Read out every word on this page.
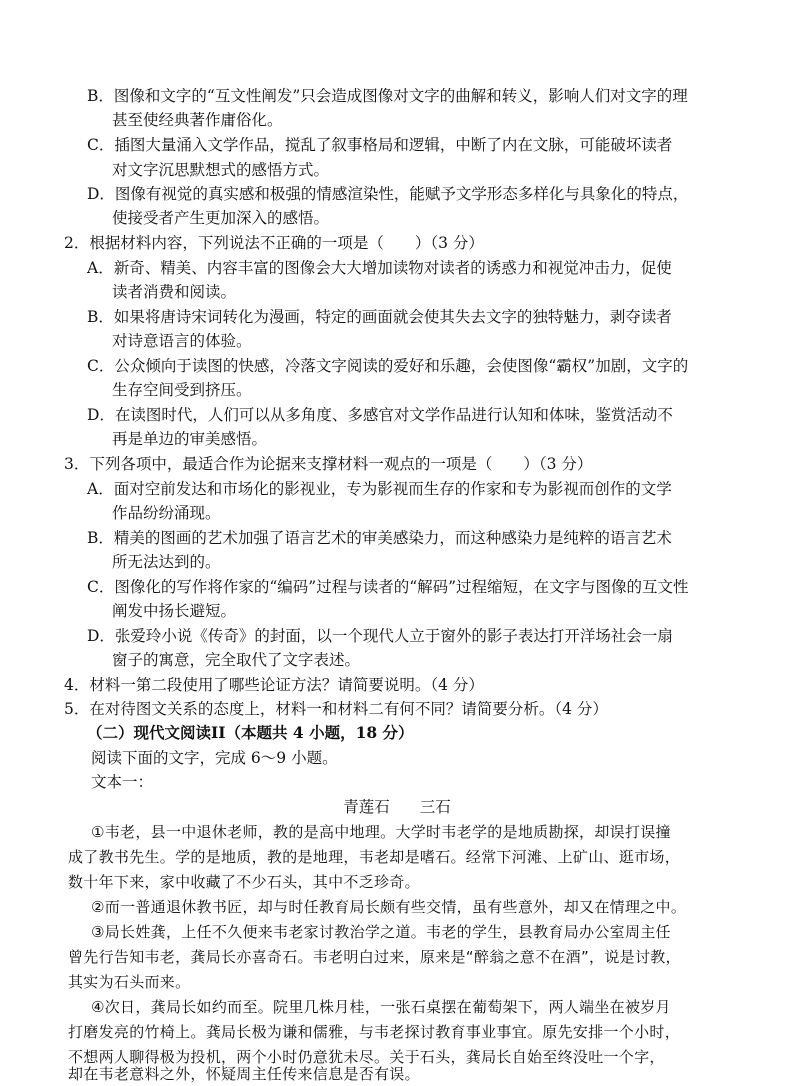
B．图像和文字的“互文性阐发”只会造成图像对文字的曲解和转义，影响人们对文字的理
甚至使经典著作庸俗化。
C．插图大量涌入文学作品，搅乱了叙事格局和逻辑，中断了内在文脉，可能破坏读者
对文字沉思默想式的感悟方式。
D．图像有视觉的真实感和极强的情感渲染性，能赋予文学形态多样化与具象化的特点，
使接受者产生更加深入的感悟。
2．根据材料内容，下列说法不正确的一项是（　　）（3 分）
A．新奇、精美、内容丰富的图像会大大增加读物对读者的诱惑力和视觉冲击力，促使
读者消费和阅读。
B．如果将唐诗宋词转化为漫画，特定的画面就会使其失去文字的独特魅力，剥夺读者
对诗意语言的体验。
C．公众倾向于读图的快感，冷落文字阅读的爱好和乐趣，会使图像“霸权”加剧，文字的
生存空间受到挤压。
D．在读图时代，人们可以从多角度、多感官对文学作品进行认知和体味，鉴赏活动不
再是单边的审美感悟。
3．下列各项中，最适合作为论据来支撑材料一观点的一项是（　　）（3 分）
A．面对空前发达和市场化的影视业，专为影视而生存的作家和专为影视而创作的文学
作品纷纷涌现。
B．精美的图画的艺术加强了语言艺术的审美感染力，而这种感染力是纯粹的语言艺术
所无法达到的。
C．图像化的写作将作家的“编码”过程与读者的“解码”过程缩短，在文字与图像的互文性
阐发中扬长避短。
D．张爱玲小说《传奇》的封面，以一个现代人立于窗外的影子表达打开洋场社会一扇
窗子的寓意，完全取代了文字表述。
4．材料一第二段使用了哪些论证方法？请简要说明。（4 分）
5．在对待图文关系的态度上，材料一和材料二有何不同？请简要分析。（4 分）
（二）现代文阅读II（本题共 4 小题，18 分）
阅读下面的文字，完成 6～9 小题。
文本一：
青莲石 三石
①韦老，县一中退休老师，教的是高中地理。大学时韦老学的是地质勘探，却误打误撞
成了教书先生。学的是地质，教的是地理，韦老却是嗜石。经常下河滩、上矿山、逛市场，
数十年下来，家中收藏了不少石头，其中不乏珍奇。
②而一普通退休教书匠，却与时任教育局长颇有些交情，虽有些意外，却又在情理之中。
③局长姓龚，上任不久便来韦老家讨教治学之道。韦老的学生，县教育局办公室周主任
曾先行告知韦老，龚局长亦喜奇石。韦老明白过来，原来是“醉翁之意不在酒”，说是讨教，
其实为石头而来。
④次日，龚局长如约而至。院里几株月桂，一张石桌摆在葡萄架下，两人端坐在被岁月
打磨发亮的竹椅上。龚局长极为谦和儒雅，与韦老探讨教育事业事宜。原先安排一个小时，
不想两人聊得极为投机，两个小时仍意犹未尽。关于石头，龚局长自始至终没吐一个字，
却在韦老意料之外，怀疑周主任传来信息是否有误。
